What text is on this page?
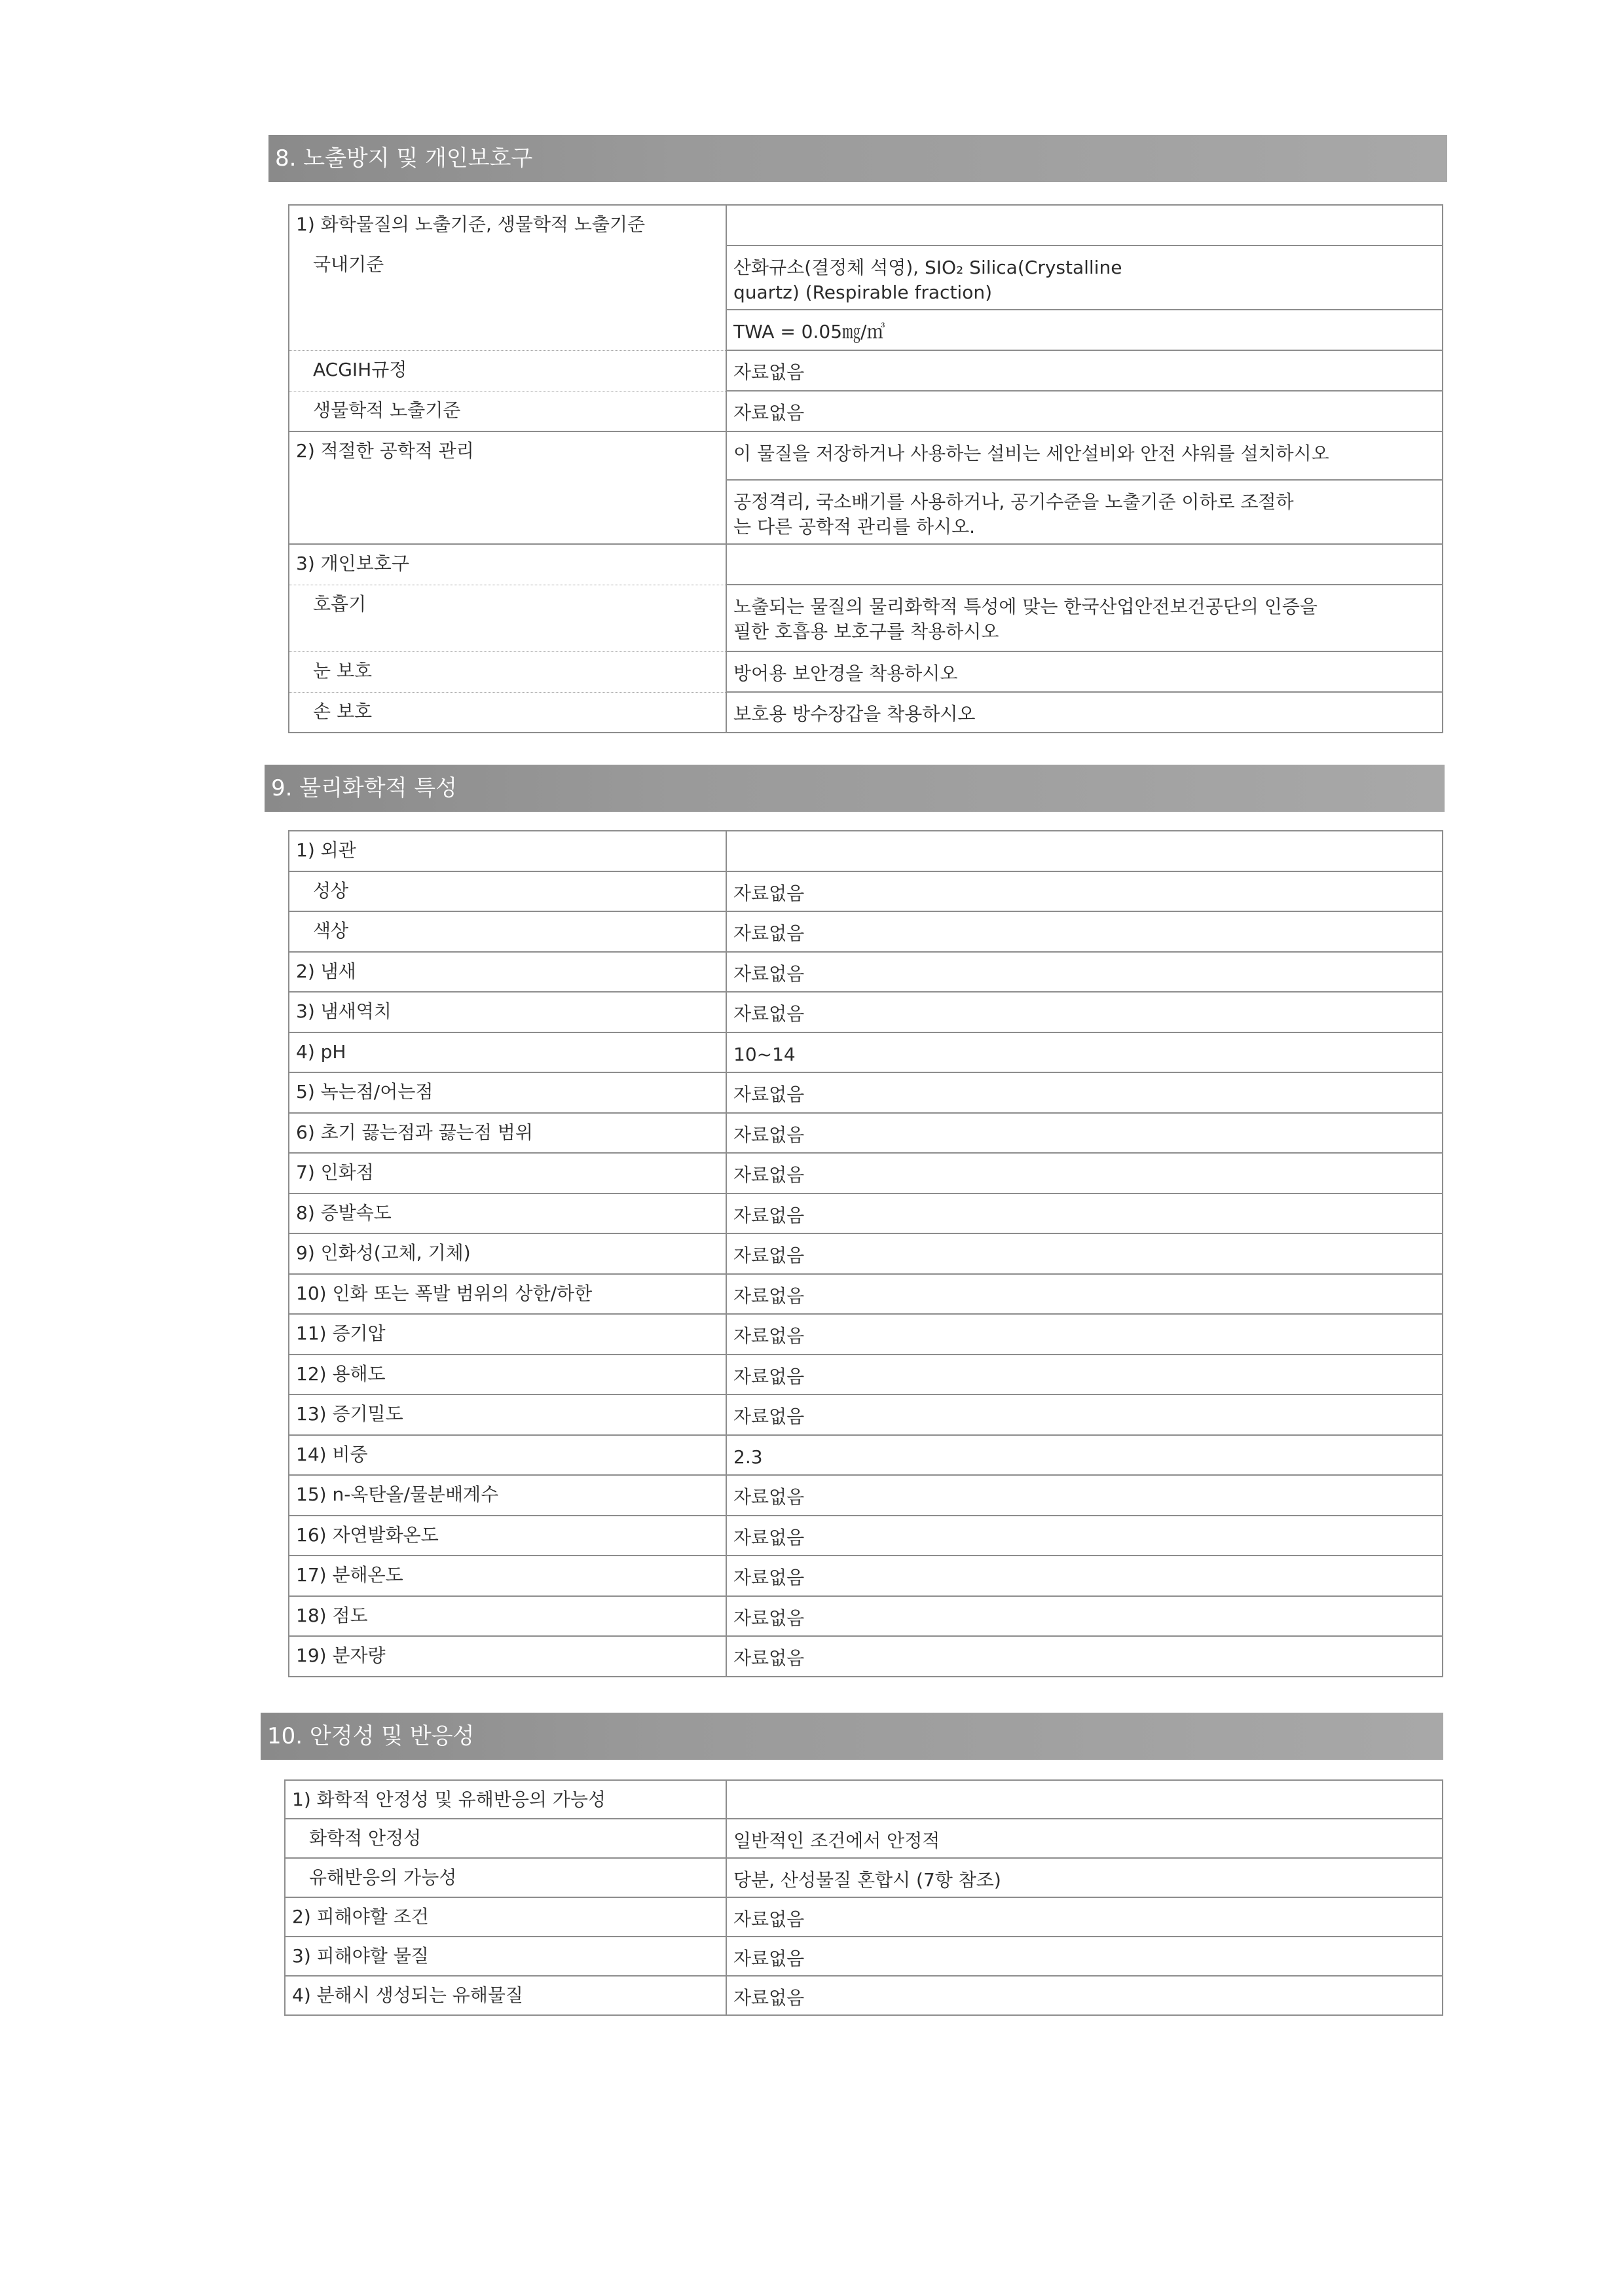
8. 노출방지 및 개인보호구
1) 화학물질의 노출기준, 생물학적 노출기준	
국내기준	산화규소(결정체 석영), SIO₂ Silica(Crystalline quartz) (Respirable fraction)
	TWA = 0.05㎎/㎥
ACGIH규정	자료없음
생물학적 노출기준	자료없음
2) 적절한 공학적 관리	이 물질을 저장하거나 사용하는 설비는 세안설비와 안전 샤워를 설치하시오
	공정격리, 국소배기를 사용하거나, 공기수준을 노출기준 이하로 조절하는 다른 공학적 관리를 하시오.
3) 개인보호구	
호흡기	노출되는 물질의 물리화학적 특성에 맞는 한국산업안전보건공단의 인증을 필한 호흡용 보호구를 착용하시오
눈 보호	방어용 보안경을 착용하시오
손 보호	보호용 방수장갑을 착용하시오
9. 물리화학적 특성
1) 외관	
성상	자료없음
색상	자료없음
2) 냄새	자료없음
3) 냄새역치	자료없음
4) pH	10~14
5) 녹는점/어는점	자료없음
6) 초기 끓는점과 끓는점 범위	자료없음
7) 인화점	자료없음
8) 증발속도	자료없음
9) 인화성(고체, 기체)	자료없음
10) 인화 또는 폭발 범위의 상한/하한	자료없음
11) 증기압	자료없음
12) 용해도	자료없음
13) 증기밀도	자료없음
14) 비중	2.3
15) n-옥탄올/물분배계수	자료없음
16) 자연발화온도	자료없음
17) 분해온도	자료없음
18) 점도	자료없음
19) 분자량	자료없음
10. 안정성 및 반응성
1) 화학적 안정성 및 유해반응의 가능성	
화학적 안정성	일반적인 조건에서 안정적
유해반응의 가능성	당분, 산성물질 혼합시 (7항 참조)
2) 피해야할 조건	자료없음
3) 피해야할 물질	자료없음
4) 분해시 생성되는 유해물질	자료없음
